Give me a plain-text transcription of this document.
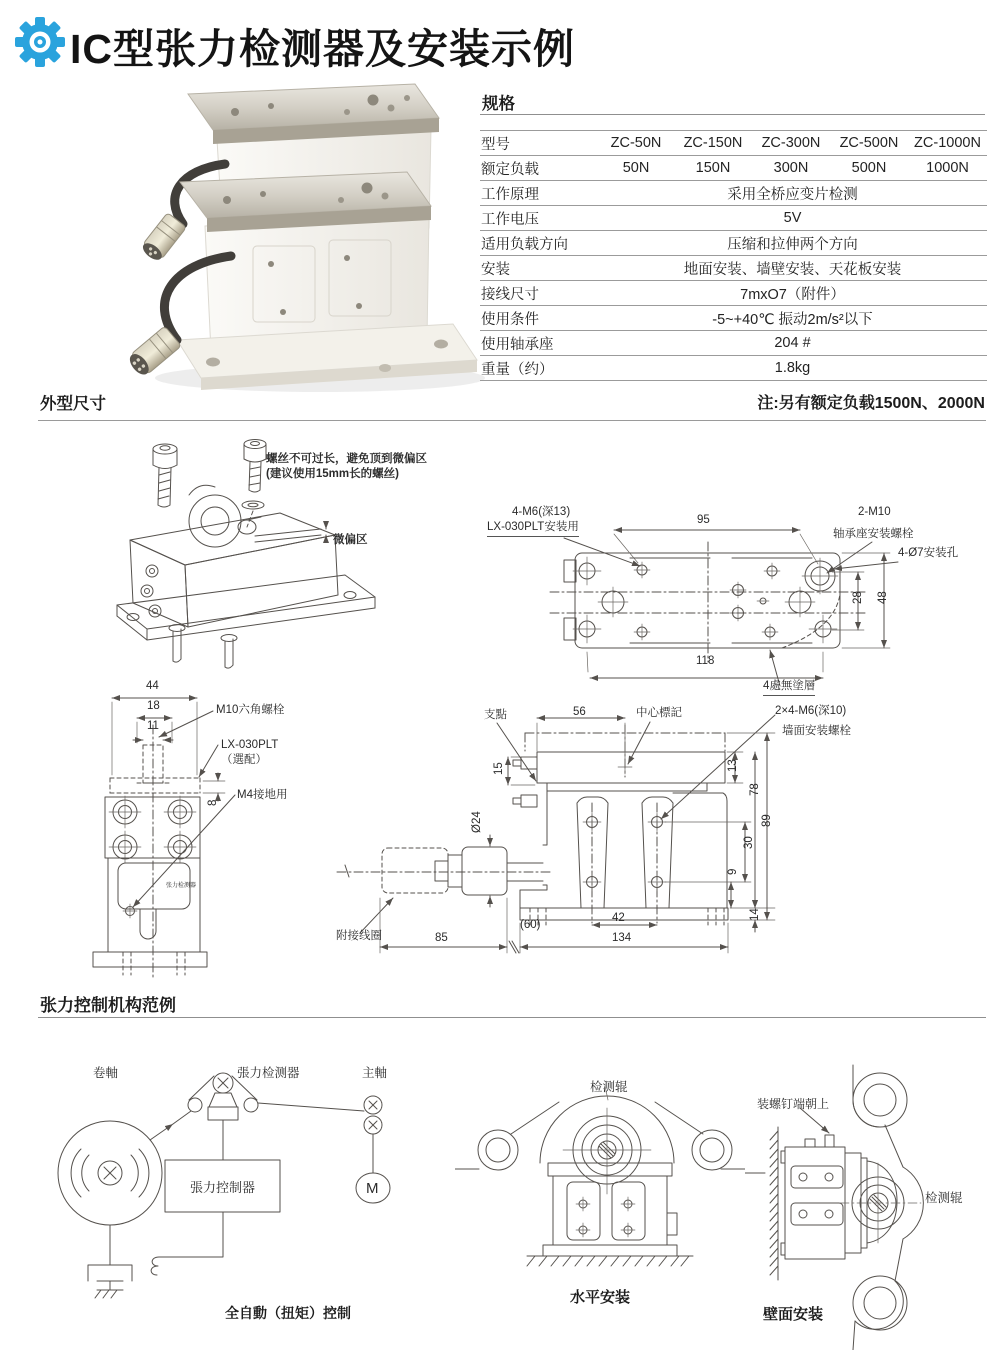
IC型张力检测器及安装示例
规格
型号	ZC-50N	ZC-150N	ZC-300N	ZC-500N	ZC-1000N
额定负载	50N	150N	300N	500N	1000N
工作原理	采用全桥应变片检测				
工作电压	5V				
适用负载方向	压缩和拉伸两个方向				
安装	地面安装、墙壁安装、天花板安装				
接线尺寸	7mxO7（附件）				
使用条件	-5~+40℃ 振动2m/s²以下				
使用轴承座	204 #				
重量（约）	1.8kg				
注:另有额定负载1500N、2000N
外型尺寸
螺丝不可过长，避免顶到微偏区
(建议使用15mm长的螺丝)
微偏区
4-M6(深13)
LX-030PLT安装用
95
2-M10
轴承座安装螺栓
4-Ø7安装孔
28 48
118
4處無塗層
44
18
11
M10六角螺栓
LX-030PLT
（選配）
M4接地用
8
张力检测器
支點	56	中心標記	2×4-M6(深10)
墙面安装螺栓
15
Ø24
13
78
89
30
9
14
42
(60)
134
85
附接线圈
张力控制机构范例
卷軸	張力检测器	主軸
張力控制器	M
全自動（扭矩）控制
检测辊
水平安装
装螺钉端朝上
检测辊
壁面安装
